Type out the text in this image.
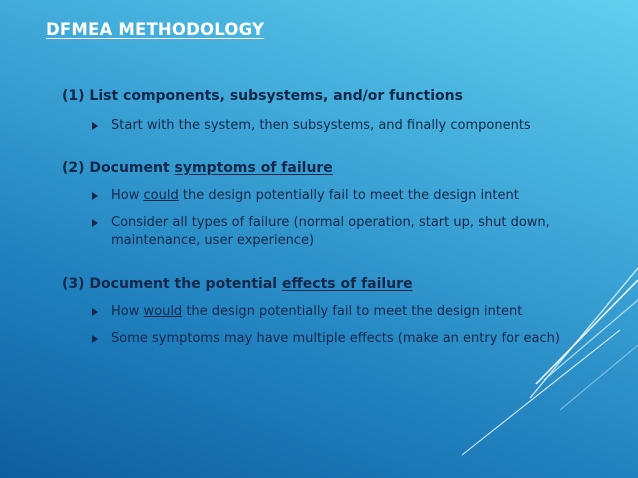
DFMEA METHODOLOGY
(1) List components, subsystems, and/or functions
Start with the system, then subsystems, and finally components
(2) Document symptoms of failure
How could the design potentially fail to meet the design intent
Consider all types of failure (normal operation, start up, shut down, maintenance, user experience)
(3) Document the potential effects of failure
How would the design potentially fail to meet the design intent
Some symptoms may have multiple effects (make an entry for each)
